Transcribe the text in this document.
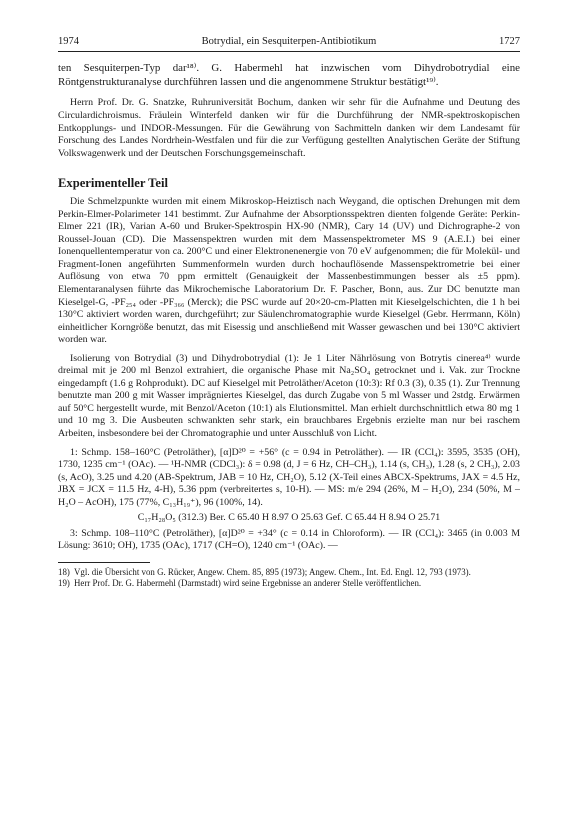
1974	Botrydial, ein Sesquiterpen-Antibiotikum	1727

ten Sesquiterpen-Typ dar¹⁸⁾. G. Habermehl hat inzwischen vom Dihydrobotrydial eine Röntgenstrukturanalyse durchführen lassen und die angenommene Struktur bestätigt¹⁹⁾.

Herrn Prof. Dr. G. Snatzke, Ruhruniversität Bochum, danken wir sehr für die Aufnahme und Deutung des Circulardichroismus. Fräulein Winterfeld danken wir für die Durchführung der NMR-spektroskopischen Entkopplungs- und INDOR-Messungen. Für die Gewährung von Sachmitteln danken wir dem Landesamt für Forschung des Landes Nordrhein-Westfalen und für die zur Verfügung gestellten Analytischen Geräte der Stiftung Volkswagenwerk und der Deutschen Forschungsgemeinschaft.

Experimenteller Teil

Die Schmelzpunkte wurden mit einem Mikroskop-Heiztisch nach Weygand, die optischen Drehungen mit dem Perkin-Elmer-Polarimeter 141 bestimmt. Zur Aufnahme der Absorptionsspektren dienten folgende Geräte: Perkin-Elmer 221 (IR), Varian A-60 und Bruker-Spektrospin HX-90 (NMR), Cary 14 (UV) und Dichrographe-2 von Roussel-Jouan (CD). Die Massenspektren wurden mit dem Massenspektrometer MS 9 (A.E.I.) bei einer Ionenquellentemperatur von ca. 200°C und einer Elektronenenergie von 70 eV aufgenommen; die für Molekül- und Fragment-Ionen angeführten Summenformeln wurden durch hochauflösende Massenspektrometrie bei einer Auflösung von etwa 70 ppm ermittelt (Genauigkeit der Massenbestimmungen besser als ±5 ppm). Elementaranalysen führte das Mikrochemische Laboratorium Dr. F. Pascher, Bonn, aus. Zur DC benutzte man Kieselgel-G, -PF₂₅₄ oder -PF₃₆₆ (Merck); die PSC wurde auf 20×20-cm-Platten mit Kieselgelschichten, die 1 h bei 130°C aktiviert worden waren, durchgeführt; zur Säulenchromatographie wurde Kieselgel (Gebr. Herrmann, Köln) einheitlicher Korngröße benutzt, das mit Eisessig und anschließend mit Wasser gewaschen und bei 130°C aktiviert worden war.

Isolierung von Botrydial (3) und Dihydrobotrydial (1): Je 1 Liter Nährlösung von Botrytis cinerea⁴⁾ wurde dreimal mit je 200 ml Benzol extrahiert, die organische Phase mit Na₂SO₄ getrocknet und i. Vak. zur Trockne eingedampft (1.6 g Rohprodukt). DC auf Kieselgel mit Petroläther/Aceton (10:3): Rf 0.3 (3), 0.35 (1). Zur Trennung benutzte man 200 g mit Wasser imprägniertes Kieselgel, das durch Zugabe von 5 ml Wasser und 2stdg. Erwärmen auf 50°C hergestellt wurde, mit Benzol/Aceton (10:1) als Elutionsmittel. Man erhielt durchschnittlich etwa 80 mg 1 und 10 mg 3. Die Ausbeuten schwankten sehr stark, ein brauchbares Ergebnis erzielte man nur bei raschem Arbeiten, insbesondere bei der Chromatographie und unter Ausschluß von Licht.

1: Schmp. 158–160°C (Petroläther), [α]D²⁰ = +56° (c = 0.94 in Petroläther). — IR (CCl₄): 3595, 3535 (OH), 1730, 1235 cm⁻¹ (OAc). — ¹H-NMR (CDCl₃): δ = 0.98 (d, J = 6 Hz, CH–CH₃), 1.14 (s, CH₃), 1.28 (s, 2 CH₃), 2.03 (s, AcO), 3.25 und 4.20 (AB-Spektrum, JAB = 10 Hz, CH₂O), 5.12 (X-Teil eines ABCX-Spektrums, JAX = 4.5 Hz, JBX = JCX = 11.5 Hz, 4-H), 5.36 ppm (verbreitertes s, 10-H). — MS: m/e 294 (26%, M – H₂O), 234 (50%, M – H₂O – AcOH), 175 (77%, C₁₃H₁₉⁺), 96 (100%, 14).

C₁₇H₂₈O₅ (312.3) Ber. C 65.40 H 8.97 O 25.63 Gef. C 65.44 H 8.94 O 25.71

3: Schmp. 108–110°C (Petroläther), [α]D²⁰ = +34° (c = 0.14 in Chloroform). — IR (CCl₄): 3465 (in 0.003 M Lösung: 3610; OH), 1735 (OAc), 1717 (CH=O), 1240 cm⁻¹ (OAc). —

18) Vgl. die Übersicht von G. Rücker, Angew. Chem. 85, 895 (1973); Angew. Chem., Int. Ed. Engl. 12, 793 (1973).
19) Herr Prof. Dr. G. Habermehl (Darmstadt) wird seine Ergebnisse an anderer Stelle veröffentlichen.
